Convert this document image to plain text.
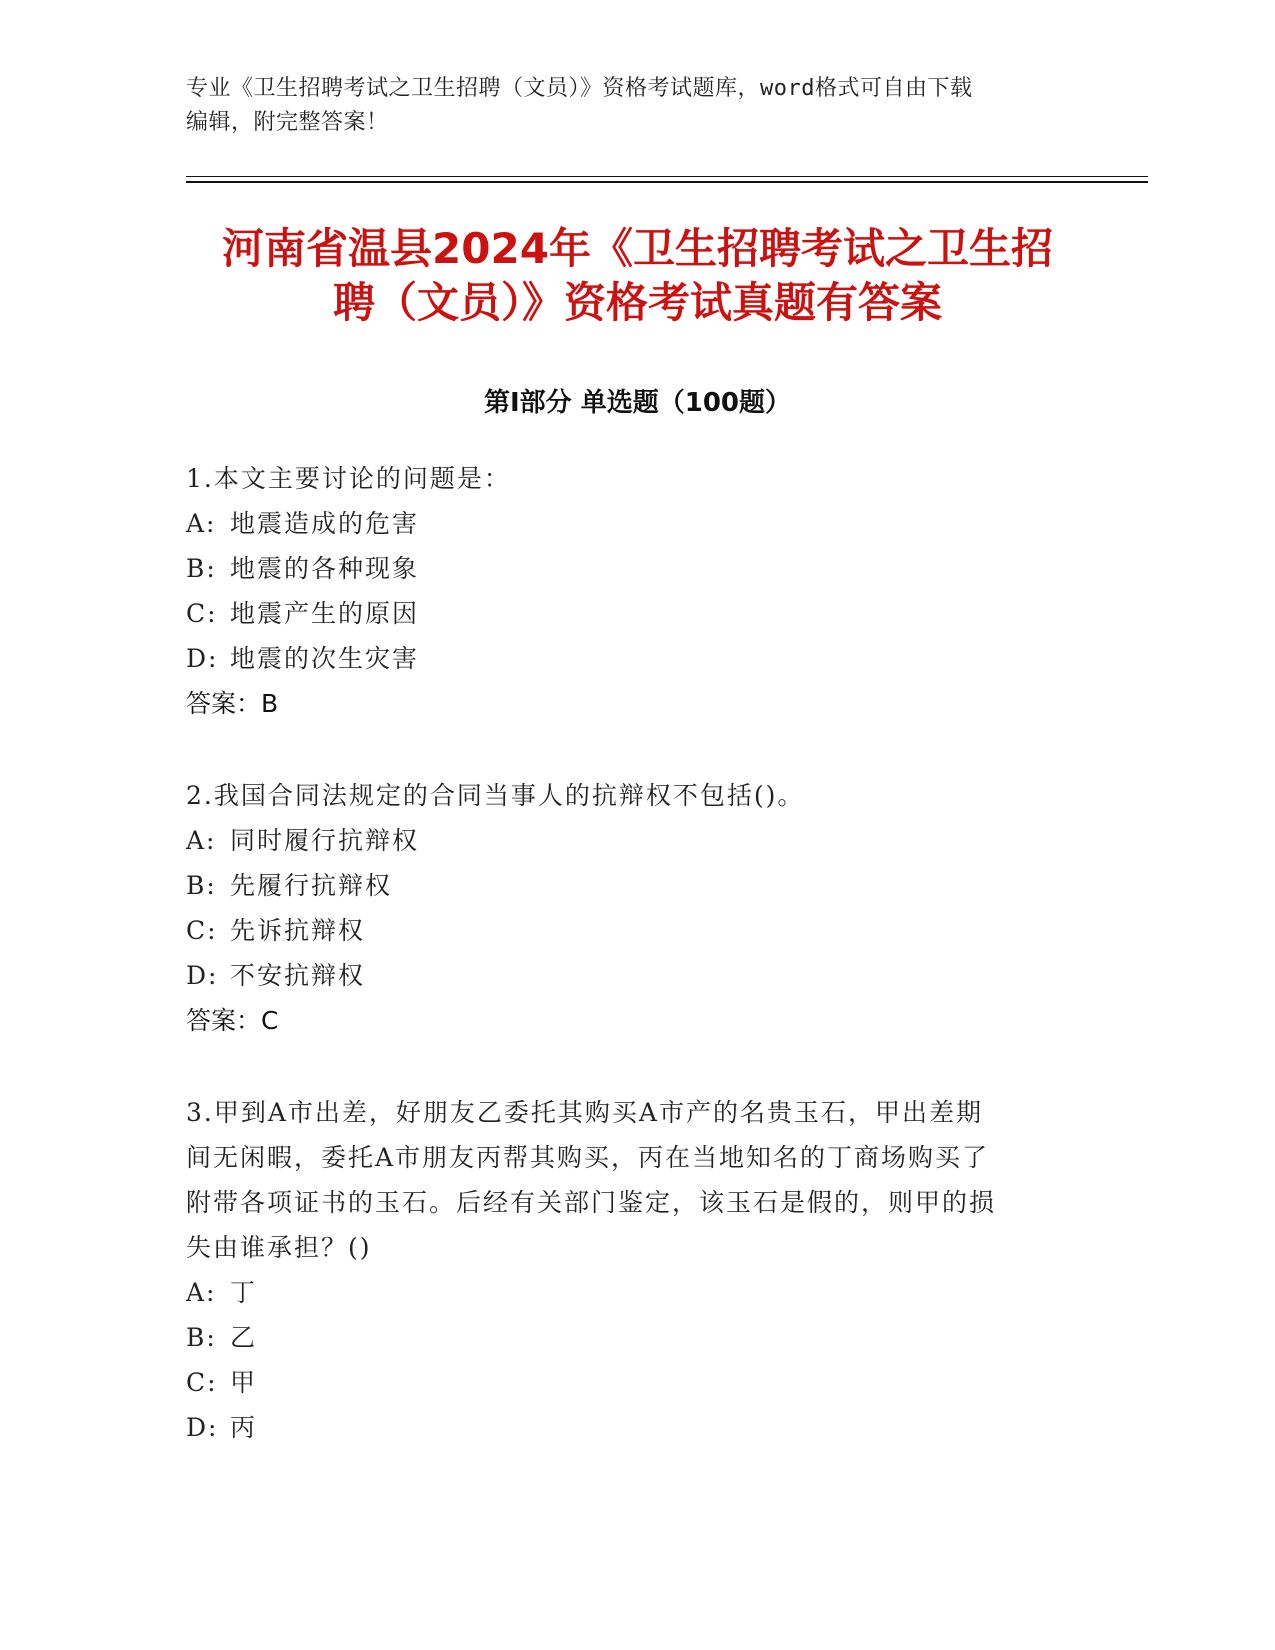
专业《卫生招聘考试之卫生招聘（文员）》资格考试题库，word格式可自由下载
编辑，附完整答案！
河南省温县2024年《卫生招聘考试之卫生招
聘（文员）》资格考试真题有答案
第Ⅰ部分 单选题（100题）
1.本文主要讨论的问题是：
A: 地震造成的危害
B: 地震的各种现象
C: 地震产生的原因
D: 地震的次生灾害
答案：B
2.我国合同法规定的合同当事人的抗辩权不包括()。
A: 同时履行抗辩权
B: 先履行抗辩权
C: 先诉抗辩权
D: 不安抗辩权
答案：C
3.甲到A市出差，好朋友乙委托其购买A市产的名贵玉石，甲出差期
间无闲暇，委托A市朋友丙帮其购买，丙在当地知名的丁商场购买了
附带各项证书的玉石。后经有关部门鉴定，该玉石是假的，则甲的损
失由谁承担？()
A: 丁
B: 乙
C: 甲
D: 丙
